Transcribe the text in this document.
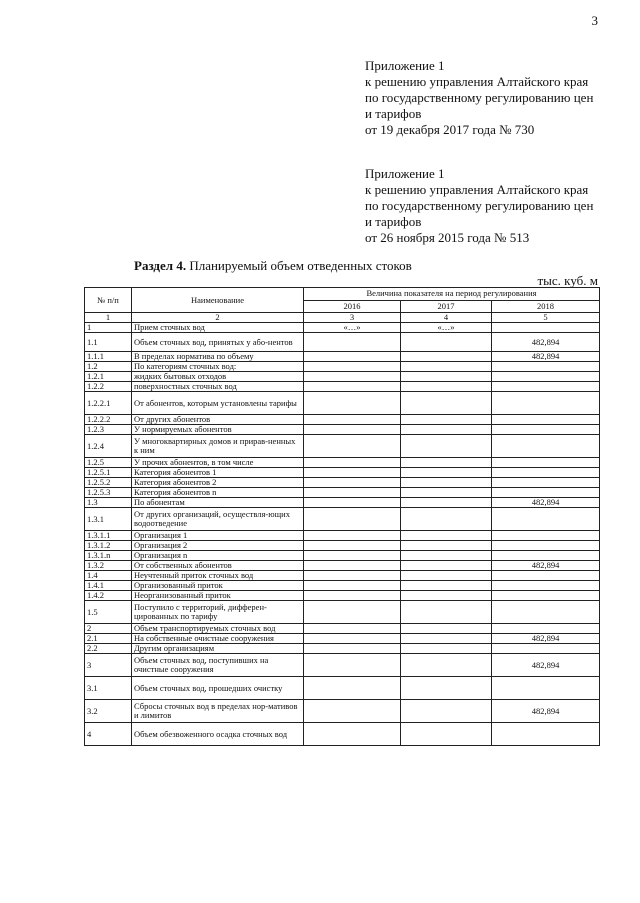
3
Приложение 1
к решению управления Алтайского края
по государственному регулированию цен
и тарифов
от 19 декабря 2017 года № 730
Приложение 1
к решению управления Алтайского края
по государственному регулированию цен
и тарифов
от 26 ноября 2015 года № 513
Раздел 4. Планируемый объем отведенных стоков
тыс. куб. м
№ п/п	Наименование	Величина показателя на период регулирования		
		2016	2017	2018
1	2	3	4	5
1	Прием сточных вод	«…»	«…»	
1.1	Объем сточных вод, принятых у або-нентов			482,894
1.1.1	В пределах норматива по объему			482,894
1.2	По категориям сточных вод:			
1.2.1	жидких бытовых отходов			
1.2.2	поверхностных сточных вод			
1.2.2.1	От абонентов, которым установлены тарифы			
1.2.2.2	От других абонентов			
1.2.3	У нормируемых абонентов			
1.2.4	У многоквартирных домов и прирав-ненных к ним			
1.2.5	У прочих абонентов, в том числе			
1.2.5.1	Категория абонентов 1			
1.2.5.2	Категория абонентов 2			
1.2.5.3	Категория абонентов n			
1.3	По абонентам			482,894
1.3.1	От других организаций, осуществля-ющих водоотведение			
1.3.1.1	Организация 1			
1.3.1.2	Организация 2			
1.3.1.n	Организация n			
1.3.2	От собственных абонентов			482,894
1.4	Неучтенный приток сточных вод			
1.4.1	Организованный приток			
1.4.2	Неорганизованный приток			
1.5	Поступило с территорий, дифферен-цированных по тарифу			
2	Объем транспортируемых сточных вод			
2.1	На собственные очистные сооружения			482,894
2.2	Другим организациям			
3	Объем сточных вод, поступивших на очистные сооружения			482,894
3.1	Объем сточных вод, прошедших очистку			
3.2	Сбросы сточных вод в пределах нор-мативов и лимитов			482,894
4	Объем обезвоженного осадка сточных вод			
